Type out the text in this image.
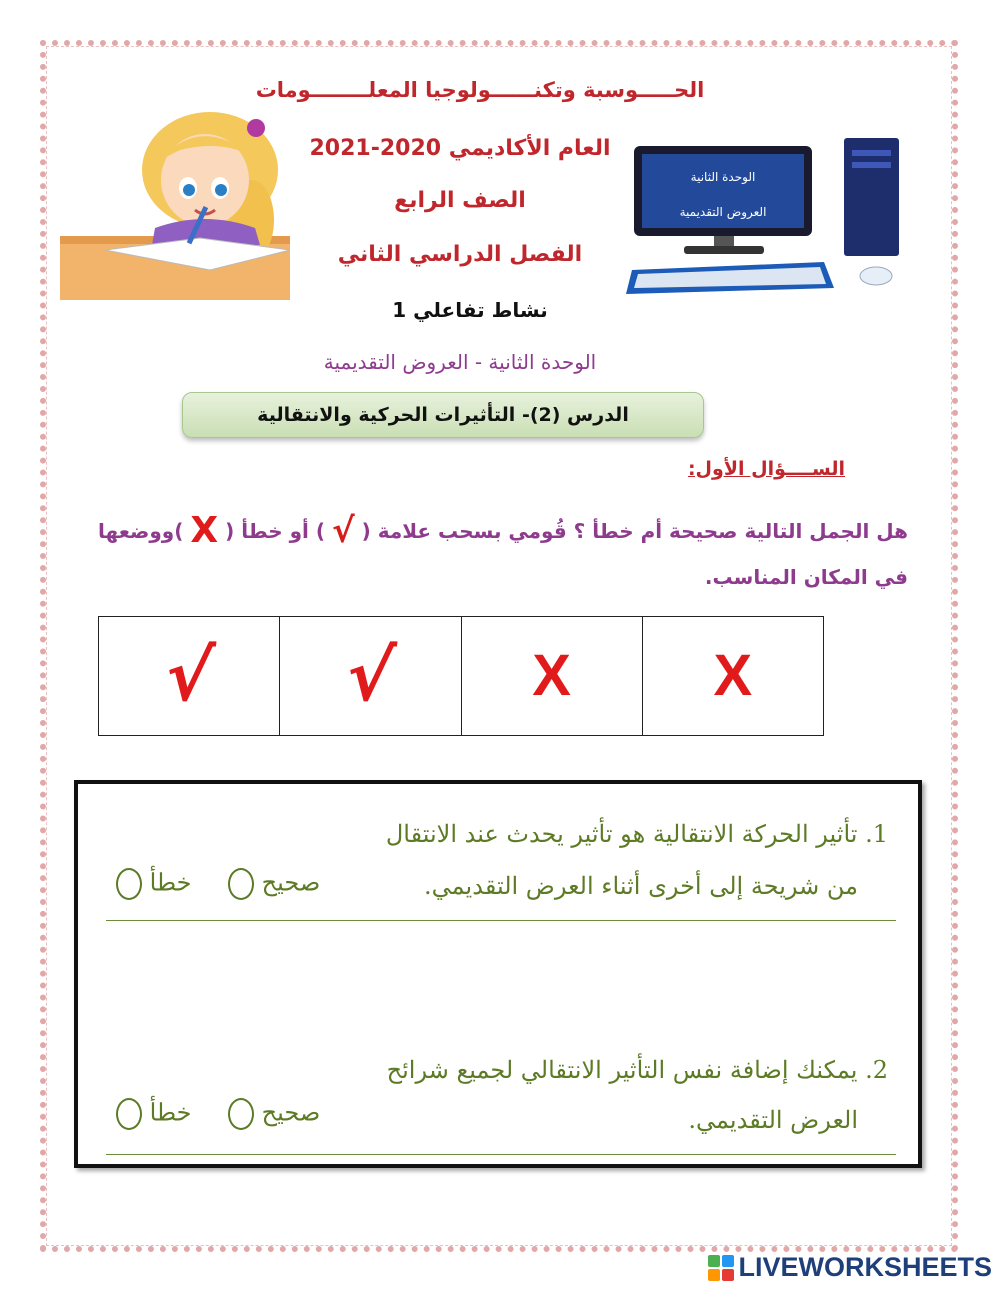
الوحدة الثانية
العروض التقديمية
الحـــــوسبة وتكنــــــولوجيا المعلــــــــومات
العام الأكاديمي 2020-2021
الصف الرابع
الفصل الدراسي الثاني
نشاط تفاعلي 1
الوحدة الثانية - العروض التقديمية
الدرس (2)- التأثيرات الحركية والانتقالية
الســــؤال الأول:
هل الجمل التالية صحيحة أم خطأ ؟ قُومي بسحب علامة ( √ ) أو خطأ ( X )ووضعها في المكان المناسب.
√ √ X X
1. تأثير الحركة الانتقالية هو تأثير يحدث عند الانتقال
من شريحة إلى أخرى أثناء العرض التقديمي.
خطأ	صحيح
2. يمكنك إضافة نفس التأثير الانتقالي لجميع شرائح
العرض التقديمي.
خطأ	صحيح
LIVEWORKSHEETS
